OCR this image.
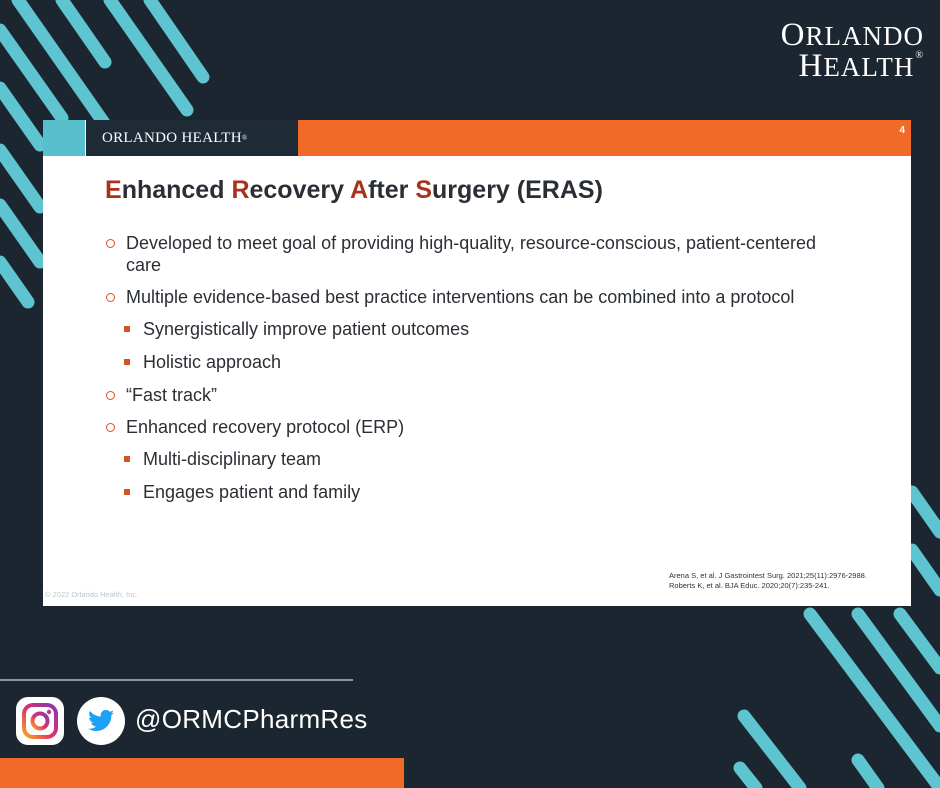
ORLANDO
HEALTH®
ORLANDO HEALTH®
4
Enhanced Recovery After Surgery (ERAS)
Developed to meet goal of providing high-quality, resource-conscious, patient-centered care
Multiple evidence-based best practice interventions can be combined into a protocol
Synergistically improve patient outcomes
Holistic approach
“Fast track”
Enhanced recovery protocol (ERP)
Multi-disciplinary team
Engages patient and family
Arena S, et al. J Gastrointest Surg. 2021;25(11):2976-2988.
Roberts K, et al. BJA Educ. 2020;20(7):235-241.
© 2022 Orlando Health, Inc.
@ORMCPharmRes
